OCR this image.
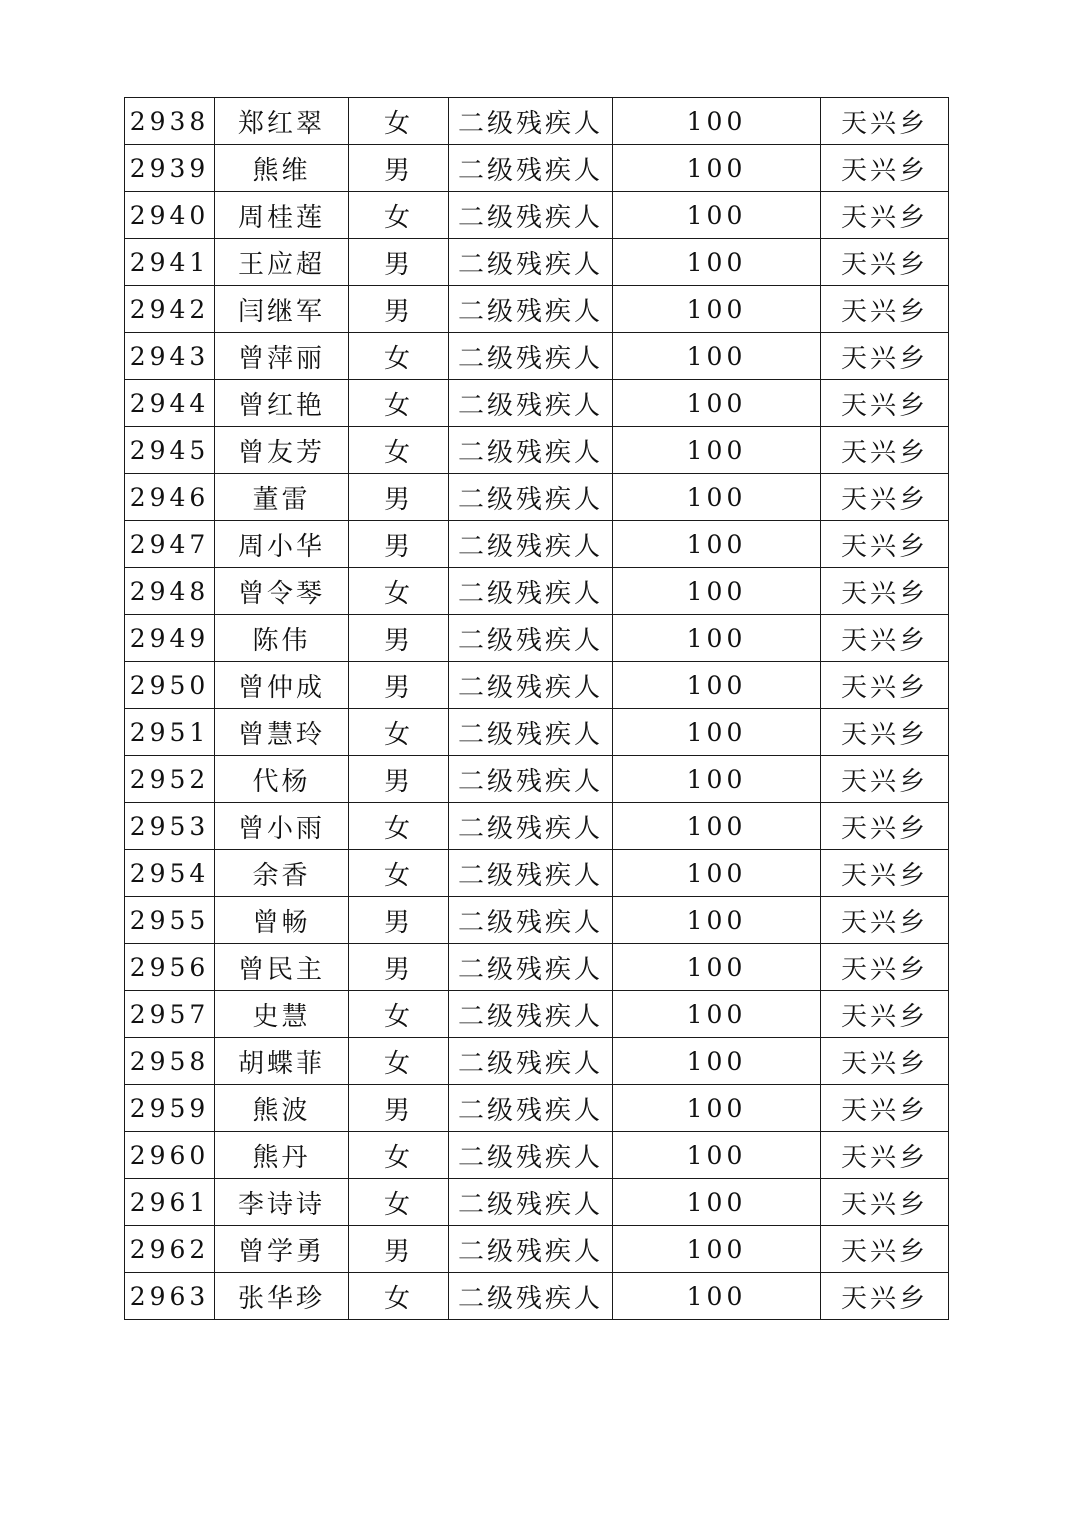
2938	郑红翠	女	二级残疾人	100	天兴乡
2939	熊维	男	二级残疾人	100	天兴乡
2940	周桂莲	女	二级残疾人	100	天兴乡
2941	王应超	男	二级残疾人	100	天兴乡
2942	闫继军	男	二级残疾人	100	天兴乡
2943	曾萍丽	女	二级残疾人	100	天兴乡
2944	曾红艳	女	二级残疾人	100	天兴乡
2945	曾友芳	女	二级残疾人	100	天兴乡
2946	董雷	男	二级残疾人	100	天兴乡
2947	周小华	男	二级残疾人	100	天兴乡
2948	曾令琴	女	二级残疾人	100	天兴乡
2949	陈伟	男	二级残疾人	100	天兴乡
2950	曾仲成	男	二级残疾人	100	天兴乡
2951	曾慧玲	女	二级残疾人	100	天兴乡
2952	代杨	男	二级残疾人	100	天兴乡
2953	曾小雨	女	二级残疾人	100	天兴乡
2954	余香	女	二级残疾人	100	天兴乡
2955	曾畅	男	二级残疾人	100	天兴乡
2956	曾民主	男	二级残疾人	100	天兴乡
2957	史慧	女	二级残疾人	100	天兴乡
2958	胡蝶菲	女	二级残疾人	100	天兴乡
2959	熊波	男	二级残疾人	100	天兴乡
2960	熊丹	女	二级残疾人	100	天兴乡
2961	李诗诗	女	二级残疾人	100	天兴乡
2962	曾学勇	男	二级残疾人	100	天兴乡
2963	张华珍	女	二级残疾人	100	天兴乡
